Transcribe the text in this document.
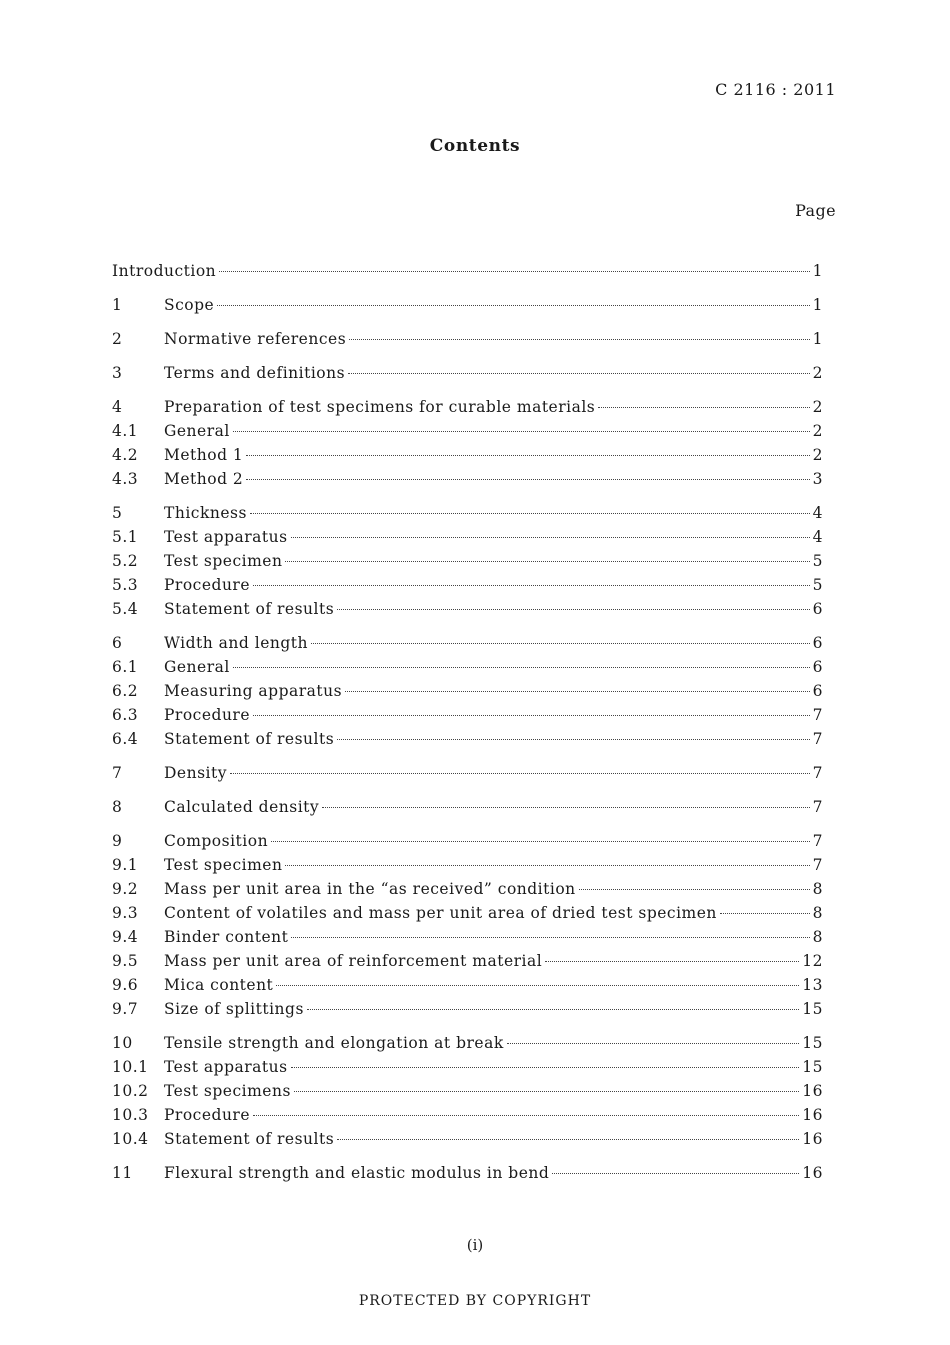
C 2116 : 2011
Contents
Page
Introduction	1
1	Scope	1
2	Normative references	1
3	Terms and definitions	2
4	Preparation of test specimens for curable materials	2
4.1	General	2
4.2	Method 1	2
4.3	Method 2	3
5	Thickness	4
5.1	Test apparatus	4
5.2	Test specimen	5
5.3	Procedure	5
5.4	Statement of results	6
6	Width and length	6
6.1	General	6
6.2	Measuring apparatus	6
6.3	Procedure	7
6.4	Statement of results	7
7	Density	7
8	Calculated density	7
9	Composition	7
9.1	Test specimen	7
9.2	Mass per unit area in the “as received” condition	8
9.3	Content of volatiles and mass per unit area of dried test specimen	8
9.4	Binder content	8
9.5	Mass per unit area of reinforcement material	12
9.6	Mica content	13
9.7	Size of splittings	15
10	Tensile strength and elongation at break	15
10.1 Test apparatus	15
10.2 Test specimens	16
10.3 Procedure	16
10.4 Statement of results	16
11	Flexural strength and elastic modulus in bend	16
(i)
PROTECTED BY COPYRIGHT
